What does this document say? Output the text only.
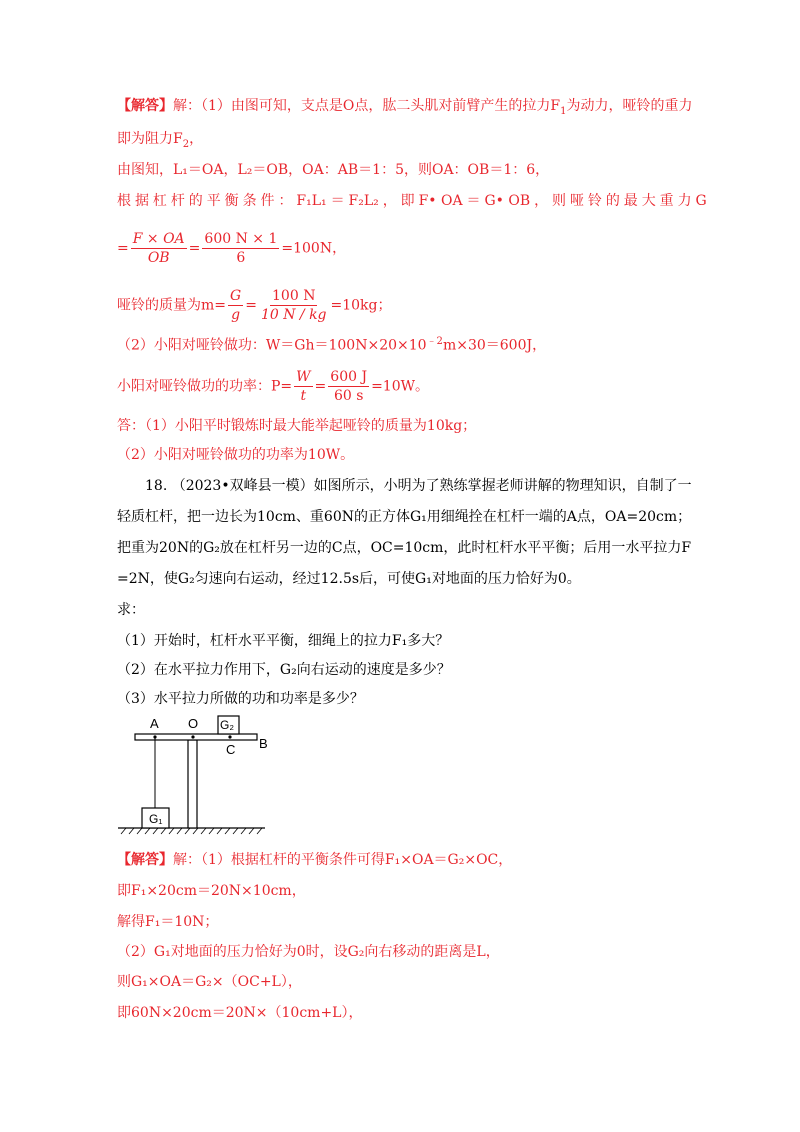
【解答】解：（1）由图可知，支点是O点，肱二头肌对前臂产生的拉力$F_1$为动力，哑铃的重力
即为阻力$F_2$，
由图知，L₁＝OA，L₂＝OB，OA：AB＝1：5，则OA：OB＝1：6，
根 据 杠 杆 的 平 衡 条 件 ： F₁L₁ ＝ F₂L₂ ， 即 F• OA ＝ G• OB ， 则 哑 铃 的 最 大 重 力 G
= $\frac{F \times OA}{OB} = \frac{600 N \times 1}{6} =100N$，
哑铃的质量为$m= \frac{G}{g} = \frac{100 N}{10 N / kg} =10kg$；
（2）小阳对哑铃做功：$W=Gh=100N\times 20\times 10^{﹣2}m\times 30=600J$，
小阳对哑铃做功的功率：$P= \frac{W}{t} = \frac{600 J}{60 s} =10W$。
答：（1）小阳平时锻炼时最大能举起哑铃的质量为10kg；
（2）小阳对哑铃做功的功率为10W。
18. （2023•双峰县一模）如图所示，小明为了熟练掌握老师讲解的物理知识，自制了一
轻质杠杆，把一边长为10cm、重60N的正方体G₁用细绳拴在杠杆一端的A点，OA=20cm；
把重为20N的G₂放在杠杆另一边的C点，OC=10cm，此时杠杆水平平衡；后用一水平拉力F
=2N，使G₂匀速向右运动，经过12.5s后，可使G₁对地面的压力恰好为0。
求：
（1）开始时，杠杆水平平衡，细绳上的拉力F₁多大？
（2）在水平拉力作用下，G₂向右运动的速度是多少？
（3）水平拉力所做的功和功率是多少？
G₁
G₂
A O
C B
【解答】解：（1）根据杠杆的平衡条件可得F₁×OA＝G₂×OC，
即F₁×20cm＝20N×10cm，
解得F₁＝10N；
（2）G₁对地面的压力恰好为0时，设G₂向右移动的距离是L，
则G₁×OA＝G₂×（OC+L），
即60N×20cm＝20N×（10cm+L），
